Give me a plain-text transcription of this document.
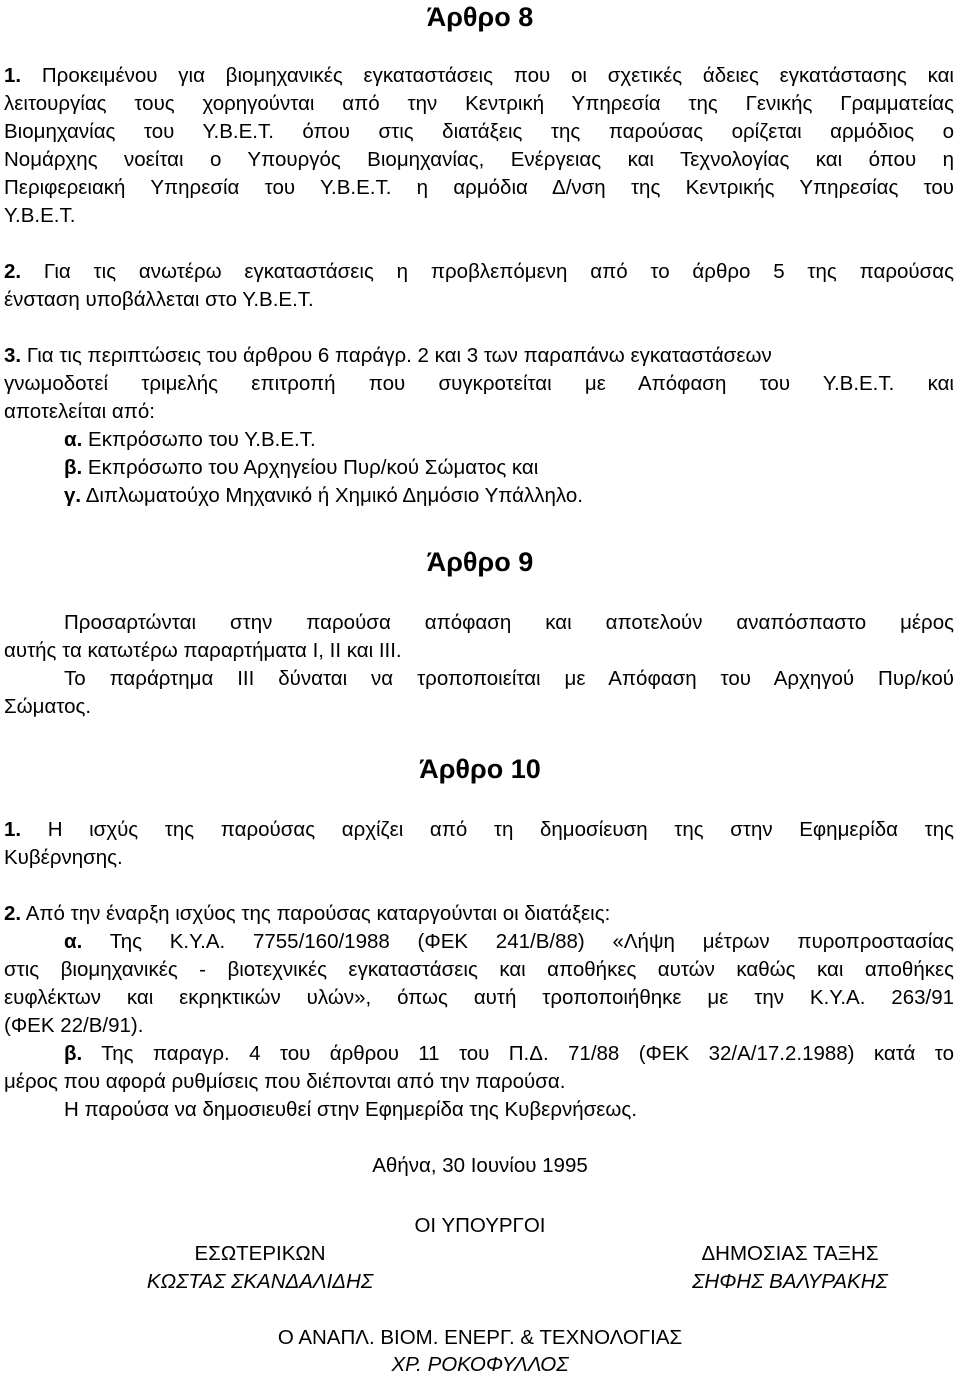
Άρθρο 8
1. Προκειμένου για βιομηχανικές εγκαταστάσεις που οι σχετικές άδειες εγκατάστασης και
λειτουργίας τους χορηγούνται από την Κεντρική Υπηρεσία της Γενικής Γραμματείας
Βιομηχανίας του Υ.Β.Ε.Τ. όπου στις διατάξεις της παρούσας ορίζεται αρμόδιος ο
Νομάρχης νοείται ο Υπουργός Βιομηχανίας, Ενέργειας και Τεχνολογίας και όπου η
Περιφερειακή Υπηρεσία του Υ.Β.Ε.Τ. η αρμόδια Δ/νση της Κεντρικής Υπηρεσίας του
Υ.Β.Ε.Τ.
2. Για τις ανωτέρω εγκαταστάσεις η προβλεπόμενη από το άρθρο 5 της παρούσας
ένσταση υποβάλλεται στο Υ.Β.Ε.Τ.
3. Για τις περιπτώσεις του άρθρου 6 παράγρ. 2 και 3 των παραπάνω εγκαταστάσεων
γνωμοδοτεί τριμελής επιτροπή που συγκροτείται με Απόφαση του Υ.Β.Ε.Τ. και
αποτελείται από:
α. Εκπρόσωπο του Υ.Β.Ε.Τ.
β. Εκπρόσωπο του Αρχηγείου Πυρ/κού Σώματος και
γ. Διπλωματούχο Μηχανικό ή Χημικό Δημόσιο Υπάλληλο.
Άρθρο 9
Προσαρτώνται στην παρούσα απόφαση και αποτελούν αναπόσπαστο μέρος
αυτής τα κατωτέρω παραρτήματα Ι, ΙΙ και ΙΙΙ.
Το παράρτημα ΙΙΙ δύναται να τροποποιείται με Απόφαση του Αρχηγού Πυρ/κού
Σώματος.
Άρθρο 10
1. Η ισχύς της παρούσας αρχίζει από τη δημοσίευση της στην Εφημερίδα της
Κυβέρνησης.
2. Από την έναρξη ισχύος της παρούσας καταργούνται οι διατάξεις:
α. Της Κ.Υ.Α. 7755/160/1988 (ΦΕΚ 241/Β/88) «Λήψη μέτρων πυροπροστασίας
στις βιομηχανικές - βιοτεχνικές εγκαταστάσεις και αποθήκες αυτών καθώς και αποθήκες
ευφλέκτων και εκρηκτικών υλών», όπως αυτή τροποποιήθηκε με την Κ.Υ.Α. 263/91
(ΦΕΚ 22/Β/91).
β. Της παραγρ. 4 του άρθρου 11 του Π.Δ. 71/88 (ΦΕΚ 32/Α/17.2.1988) κατά το
μέρος που αφορά ρυθμίσεις που διέπονται από την παρούσα.
Η παρούσα να δημοσιευθεί στην Εφημερίδα της Κυβερνήσεως.
Αθήνα, 30 Ιουνίου 1995
ΟΙ ΥΠΟΥΡΓΟΙ
ΕΣΩΤΕΡΙΚΩΝ
ΚΩΣΤΑΣ ΣΚΑΝΔΑΛΙΔΗΣ
ΔΗΜΟΣΙΑΣ ΤΑΞΗΣ
ΣΗΦΗΣ ΒΑΛΥΡΑΚΗΣ
Ο ΑΝΑΠΛ. ΒΙΟΜ. ΕΝΕΡΓ. & ΤΕΧΝΟΛΟΓΙΑΣ
ΧΡ. ΡΟΚΟΦΥΛΛΟΣ
